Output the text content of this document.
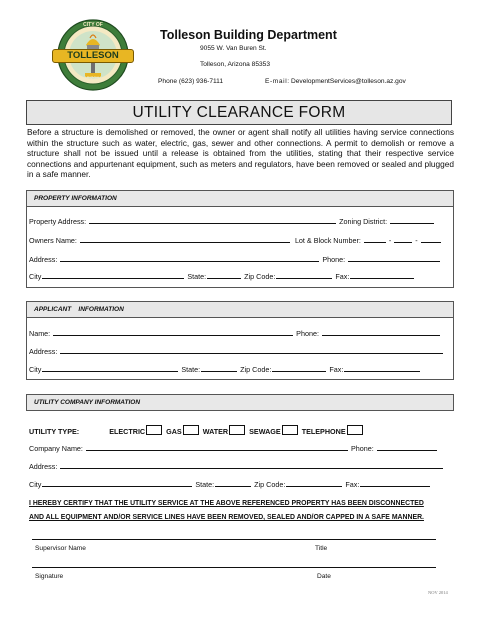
CITY OF
TOLLESON
ARIZONA
Tolleson Building Department
9055 W. Van Buren St.
Tolleson, Arizona 85353
Phone (623) 936-7111	E-mail: DevelopmentServices@tolleson.az.gov
UTILITY CLEARANCE FORM
Before a structure is demolished or removed, the owner or agent shall notify all utilities having service connections within the structure such as water, electric, gas, sewer and other connections. A permit to demolish or remove a structure shall not be issued until a release is obtained from the utilities, stating that their respective service connections and appurtenant equipment, such as meters and regulators, have been removed or sealed and plugged in a safe manner.
PROPERTY INFORMATION
Property Address:	Zoning District:
Owners Name:	Lot & Block Number:	-	-
Address:	Phone:
City	State:	Zip Code:	Fax:
APPLICANT    INFORMATION
Name:	Phone:
Address:
City	State:	Zip Code:	Fax:
UTILITY COMPANY INFORMATION
UTILITY TYPE:	ELECTRIC	GAS	WATER	SEWAGE	TELEPHONE
Company Name:	Phone:
Address:
City	State:	Zip Code:	Fax:
I HEREBY CERTIFY THAT THE UTILITY SERVICE AT THE ABOVE REFERENCED PROPERTY HAS BEEN DISCONNECTED
AND ALL EQUIPMENT AND/OR SERVICE LINES HAVE BEEN REMOVED, SEALED AND/OR CAPPED IN A SAFE MANNER.
Supervisor Name	Title
Signature	Date
NOV 2014
